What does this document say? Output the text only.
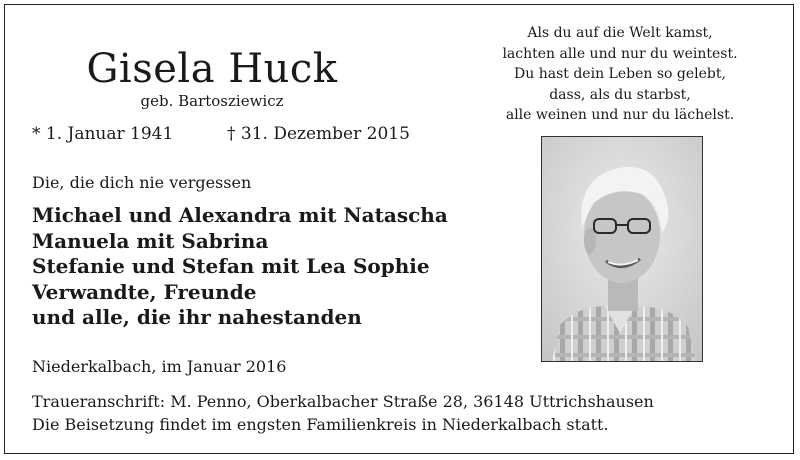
Gisela Huck
geb. Bartosziewicz
* 1. Januar 1941	† 31. Dezember 2015
Die, die dich nie vergessen
Michael und Alexandra mit Natascha
Manuela mit Sabrina
Stefanie und Stefan mit Lea Sophie
Verwandte, Freunde
und alle, die ihr nahestanden
Niederkalbach, im Januar 2016
Traueranschrift: M. Penno, Oberkalbacher Straße 28, 36148 Uttrichshausen
Die Beisetzung findet im engsten Familienkreis in Niederkalbach statt.
Als du auf die Welt kamst,
lachten alle und nur du weintest.
Du hast dein Leben so gelebt,
dass, als du starbst,
alle weinen und nur du lächelst.
